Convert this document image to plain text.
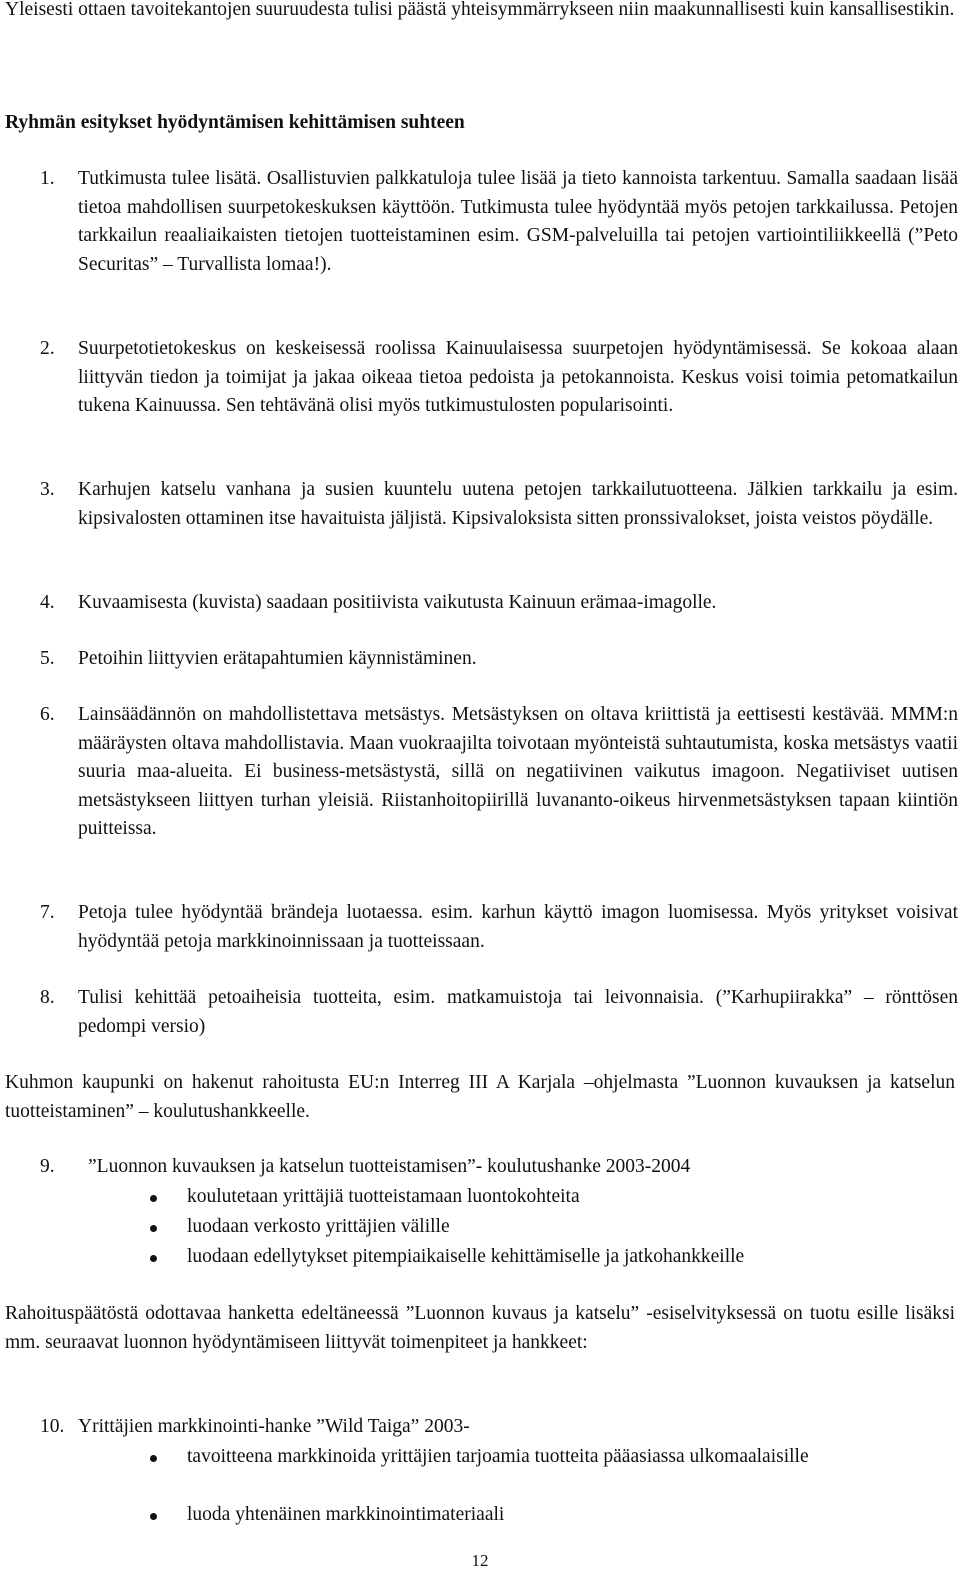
Yleisesti ottaen tavoitekantojen suuruudesta tulisi päästä yhteisymmärrykseen niin maakunnallisesti kuin kansallisestikin.

Ryhmän esitykset hyödyntämisen kehittämisen suhteen

1. Tutkimusta tulee lisätä. Osallistuvien palkkatuloja tulee lisää ja tieto kannoista tarkentuu. Samalla saadaan lisää tietoa mahdollisen suurpetokeskuksen käyttöön. Tutkimusta tulee hyödyntää myös petojen tarkkailussa. Petojen tarkkailun reaaliaikaisten tietojen tuotteistaminen esim. GSM-palveluilla tai petojen vartiointiliikkeellä (”Peto Securitas” – Turvallista lomaa!).
2. Suurpetotietokeskus on keskeisessä roolissa Kainuulaisessa suurpetojen hyödyntämisessä. Se kokoaa alaan liittyvän tiedon ja toimijat ja jakaa oikeaa tietoa pedoista ja petokannoista. Keskus voisi toimia petomatkailun tukena Kainuussa. Sen tehtävänä olisi myös tutkimustulosten popularisointi.
3. Karhujen katselu vanhana ja susien kuuntelu uutena petojen tarkkailutuotteena. Jälkien tarkkailu ja esim. kipsivalosten ottaminen itse havaituista jäljistä. Kipsivaloksista sitten pronssivalokset, joista veistos pöydälle.
4. Kuvaamisesta (kuvista) saadaan positiivista vaikutusta Kainuun erämaa-imagolle.
5. Petoihin liittyvien erätapahtumien käynnistäminen.
6. Lainsäädännön on mahdollistettava metsästys. Metsästyksen on oltava kriittistä ja eettisesti kestävää. MMM:n määräysten oltava mahdollistavia. Maan vuokraajilta toivotaan myönteistä suhtautumista, koska metsästys vaatii suuria maa-alueita. Ei business-metsästystä, sillä on negatiivinen vaikutus imagoon. Negatiiviset uutisen metsästykseen liittyen turhan yleisiä. Riistanhoitopiirillä luvananto-oikeus hirvenmetsästyksen tapaan kiintiön puitteissa.
7. Petoja tulee hyödyntää brändeja luotaessa. esim. karhun käyttö imagon luomisessa. Myös yritykset voisivat hyödyntää petoja markkinoinnissaan ja tuotteissaan.
8. Tulisi kehittää petoaiheisia tuotteita, esim. matkamuistoja tai leivonnaisia. (”Karhupiirakka” – rönttösen pedompi versio)

Kuhmon kaupunki on hakenut rahoitusta EU:n Interreg III A Karjala –ohjelmasta ”Luonnon kuvauksen ja katselun tuotteistaminen” – koulutushankkeelle.

9. ”Luonnon kuvauksen ja katselun tuotteistamisen”- koulutushanke 2003-2004
koulutetaan yrittäjiä tuotteistamaan luontokohteita
luodaan verkosto yrittäjien välille
luodaan edellytykset pitempiaikaiselle kehittämiselle ja jatkohankkeille

Rahoituspäätöstä odottavaa hanketta edeltäneessä ”Luonnon kuvaus ja katselu” -esiselvityksessä on tuotu esille lisäksi mm. seuraavat luonnon hyödyntämiseen liittyvät toimenpiteet ja hankkeet:

10. Yrittäjien markkinointi-hanke ”Wild Taiga” 2003-
tavoitteena markkinoida yrittäjien tarjoamia tuotteita pääasiassa ulkomaalaisille
luoda yhtenäinen markkinointimateriaali
12
